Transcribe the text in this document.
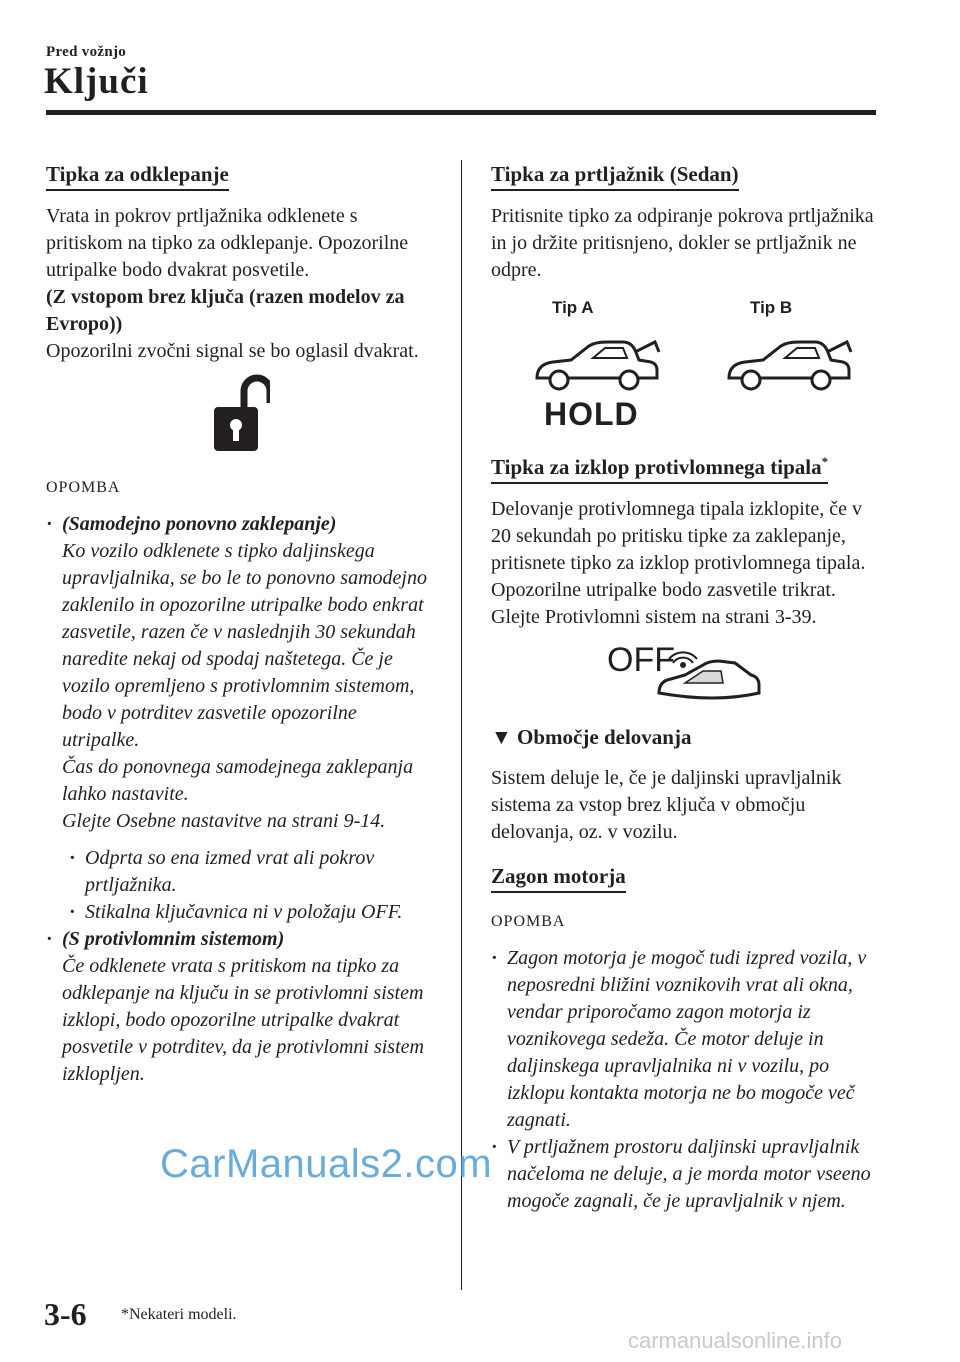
Pred vožnjo
Ključi
Tipka za odklepanje

Vrata in pokrov prtljažnika odklenete s pritiskom na tipko za odklepanje. Opozorilne utripalke bodo dvakrat posvetile.

(Z vstopom brez ključa (razen modelov za Evropo))

Opozorilni zvočni signal se bo oglasil dvakrat.

OPOMBA

· (Samodejno ponovno zaklepanje)
Ko vozilo odklenete s tipko daljinskega upravljalnika, se bo le to ponovno samodejno zaklenilo in opozorilne utripalke bodo enkrat zasvetile, razen če v naslednjih 30 sekundah naredite nekaj od spodaj naštetega. Če je vozilo opremljeno s protivlomnim sistemom, bodo v potrditev zasvetile opozorilne utripalke.
Čas do ponovnega samodejnega zaklepanja lahko nastavite.
Glejte Osebne nastavitve na strani 9-14.
· Odprta so ena izmed vrat ali pokrov prtljažnika.
· Stikalna ključavnica ni v položaju OFF.
· (S protivlomnim sistemom)
Če odklenete vrata s pritiskom na tipko za odklepanje na ključu in se protivlomni sistem izklopi, bodo opozorilne utripalke dvakrat posvetile v potrditev, da je protivlomni sistem izklopljen.
Tipka za prtljažnik (Sedan)

Pritisnite tipko za odpiranje pokrova prtljažnika in jo držite pritisnjeno, dokler se prtljažnik ne odpre.

Tip A	Tip B
HOLD
Tipka za izklop protivlomnega tipala*

Delovanje protivlomnega tipala izklopite, če v 20 sekundah po pritisku tipke za zaklepanje, pritisnete tipko za izklop protivlomnega tipala. Opozorilne utripalke bodo zasvetile trikrat.

Glejte Protivlomni sistem na strani 3-39.

OFF
▼ Območje delovanja

Sistem deluje le, če je daljinski upravljalnik sistema za vstop brez ključa v območju delovanja, oz. v vozilu.

Zagon motorja

OPOMBA

· Zagon motorja je mogoč tudi izpred vozila, v neposredni bližini voznikovih vrat ali okna, vendar priporočamo zagon motorja iz voznikovega sedeža. Če motor deluje in daljinskega upravljalnika ni v vozilu, po izklopu kontakta motorja ne bo mogoče več zagnati.
· V prtljažnem prostoru daljinski upravljalnik načeloma ne deluje, a je morda motor vseeno mogoče zagnali, če je upravljalnik v njem.
3-6 *Nekateri modeli.
CarManuals2.com
carmanualsonline.info
